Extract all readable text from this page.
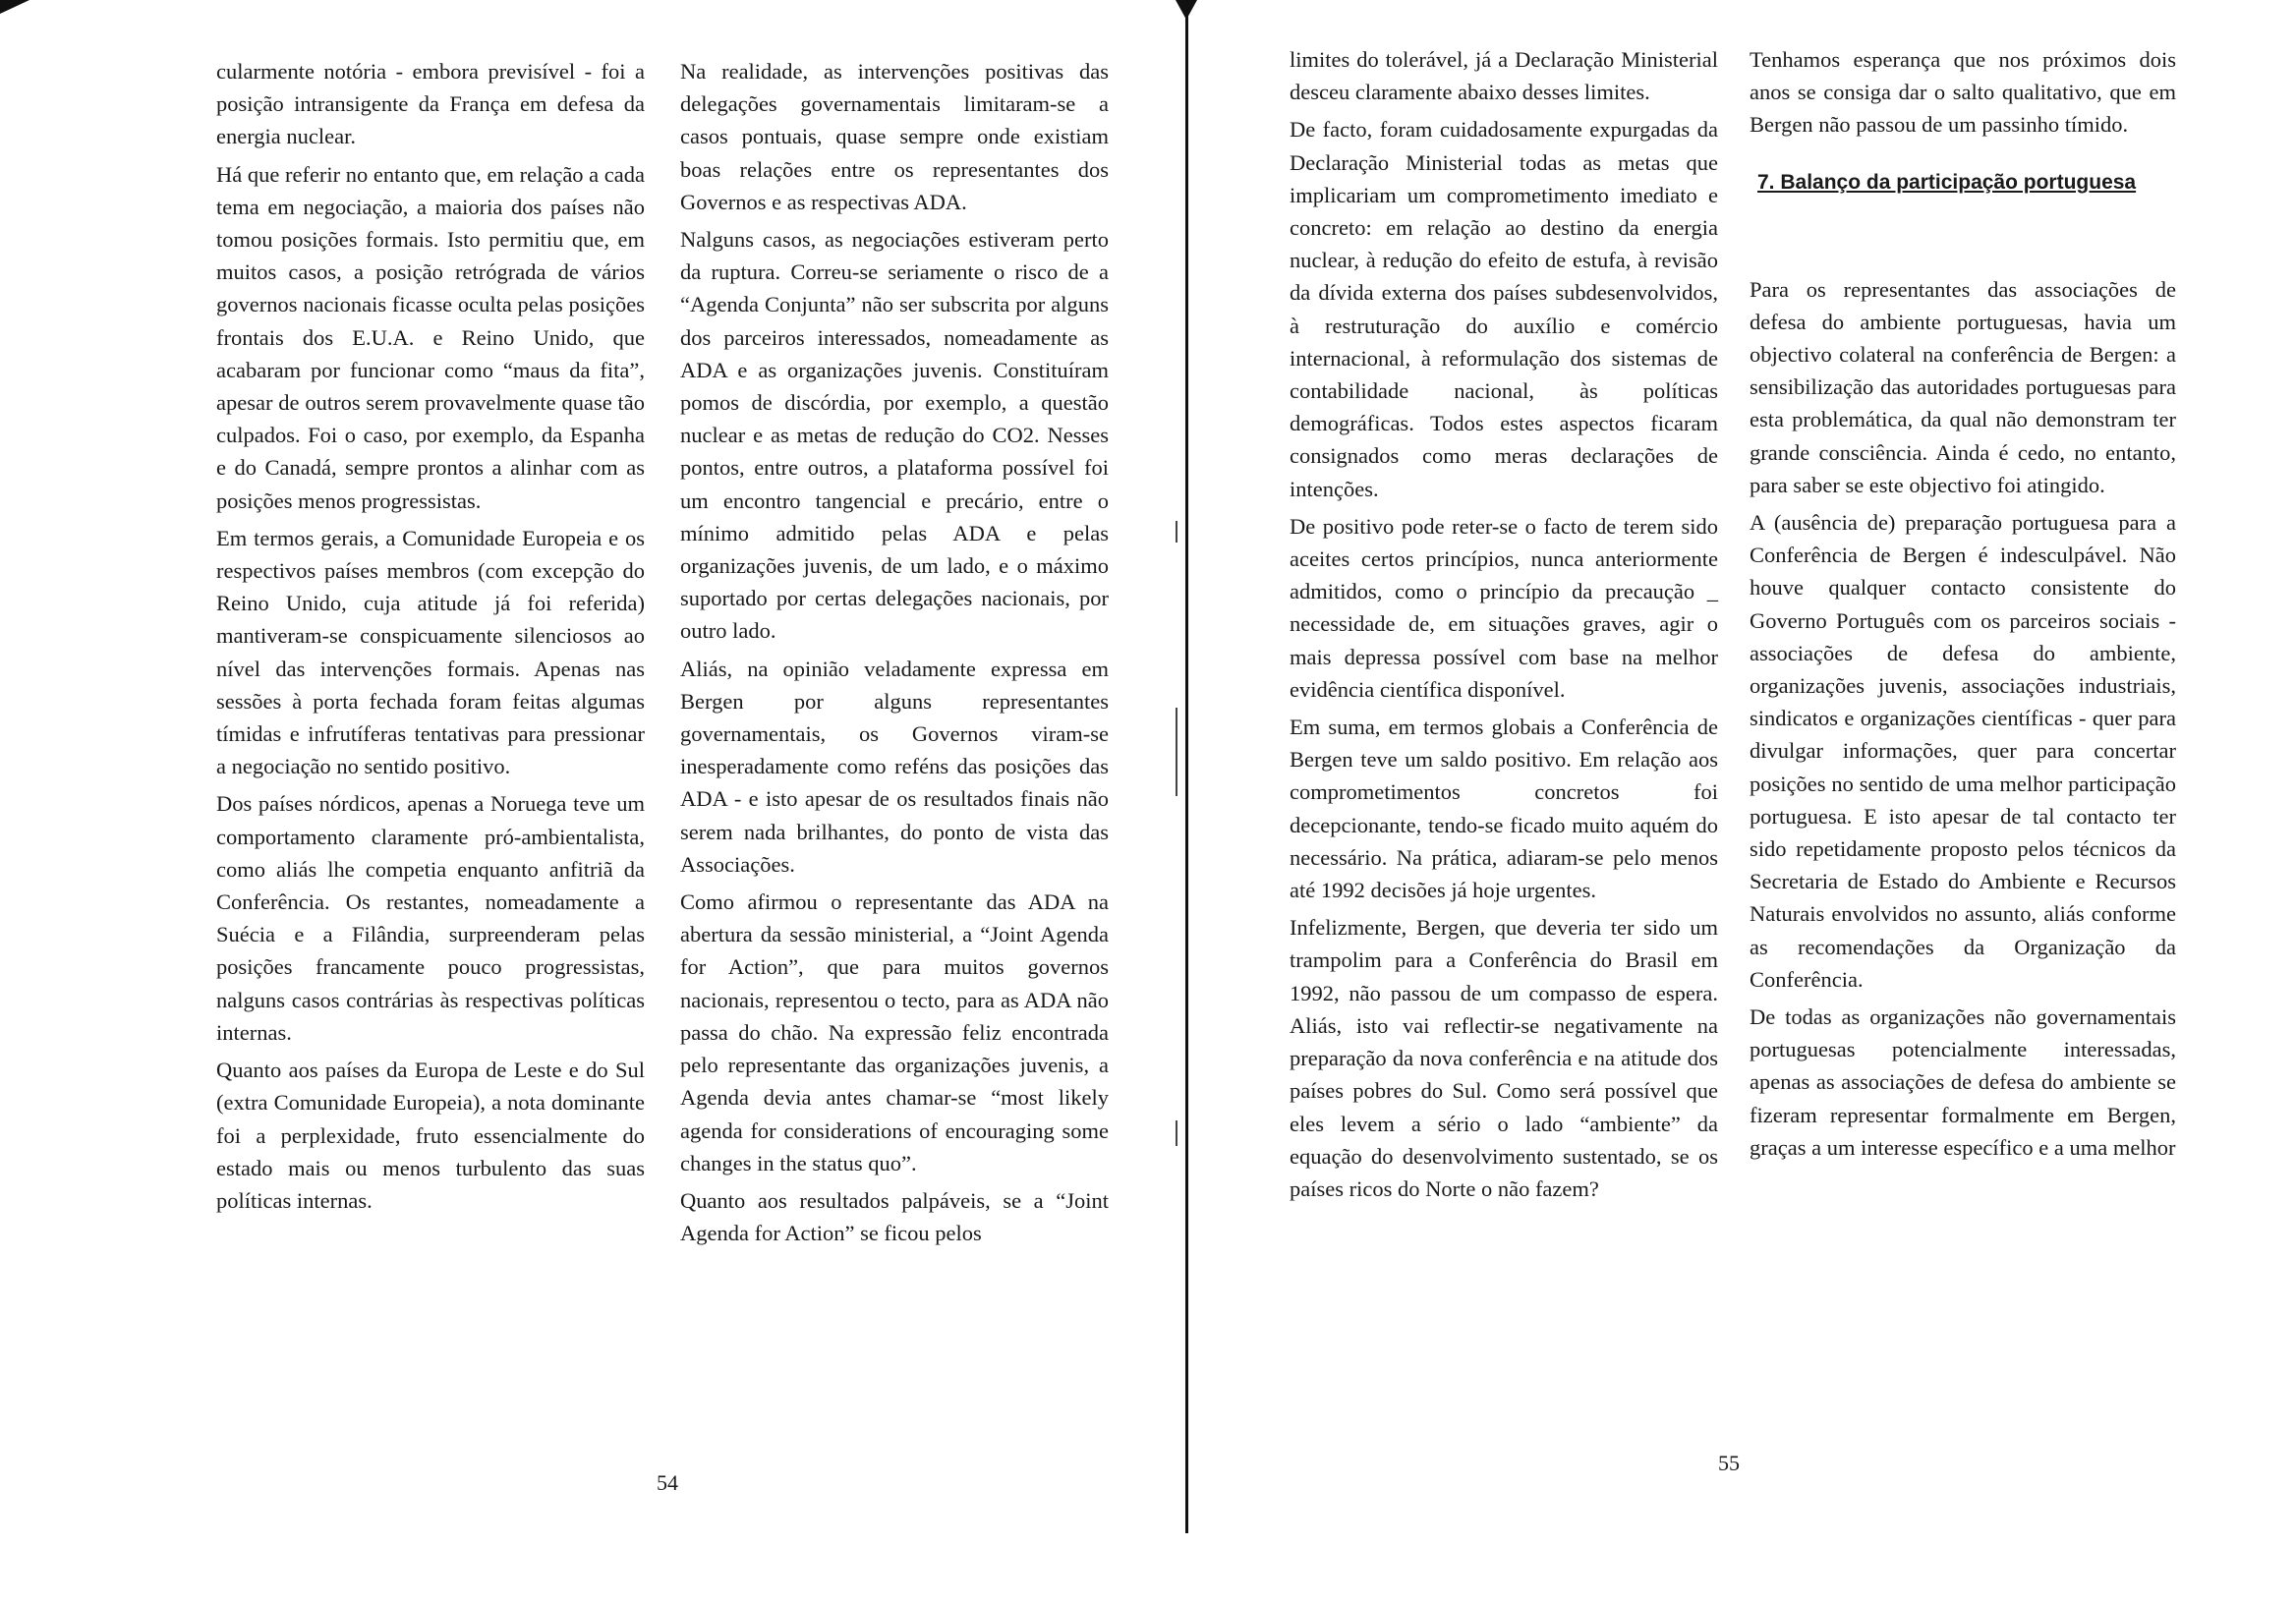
cularmente notória - embora previsível - foi a posição intransigente da França em defesa da energia nuclear.

Há que referir no entanto que, em relação a cada tema em negociação, a maioria dos países não tomou posições formais. Isto permitiu que, em muitos casos, a posição retrógrada de vários governos nacionais ficasse oculta pelas posições frontais dos E.U.A. e Reino Unido, que acabaram por funcionar como “maus da fita”, apesar de outros serem provavelmente quase tão culpados. Foi o caso, por exemplo, da Espanha e do Canadá, sempre prontos a alinhar com as posições menos progressistas.

Em termos gerais, a Comunidade Europeia e os respectivos países membros (com excepção do Reino Unido, cuja atitude já foi referida) mantiveram-se conspicuamente silenciosos ao nível das intervenções formais. Apenas nas sessões à porta fechada foram feitas algumas tímidas e infrutíferas tentativas para pressionar a negociação no sentido positivo.

Dos países nórdicos, apenas a Noruega teve um comportamento claramente pró-ambientalista, como aliás lhe competia enquanto anfitriã da Conferência. Os restantes, nomeadamente a Suécia e a Filândia, surpreenderam pelas posições francamente pouco progressistas, nalguns casos contrárias às respectivas políticas internas.

Quanto aos países da Europa de Leste e do Sul (extra Comunidade Europeia), a nota dominante foi a perplexidade, fruto essencialmente do estado mais ou menos turbulento das suas políticas internas.

Na realidade, as intervenções positivas das delegações governamentais limitaram-se a casos pontuais, quase sempre onde existiam boas relações entre os representantes dos Governos e as respectivas ADA.

Nalguns casos, as negociações estiveram perto da ruptura. Correu-se seriamente o risco de a “Agenda Conjunta” não ser subscrita por alguns dos parceiros interessados, nomeadamente as ADA e as organizações juvenis. Constituíram pomos de discórdia, por exemplo, a questão nuclear e as metas de redução do CO2. Nesses pontos, entre outros, a plataforma possível foi um encontro tangencial e precário, entre o mínimo admitido pelas ADA e pelas organizações juvenis, de um lado, e o máximo suportado por certas delegações nacionais, por outro lado.

Aliás, na opinião veladamente expressa em Bergen por alguns representantes governamentais, os Governos viram-se inesperadamente como reféns das posições das ADA - e isto apesar de os resultados finais não serem nada brilhantes, do ponto de vista das Associações.

Como afirmou o representante das ADA na abertura da sessão ministerial, a “Joint Agenda for Action”, que para muitos governos nacionais, representou o tecto, para as ADA não passa do chão. Na expressão feliz encontrada pelo representante das organizações juvenis, a Agenda devia antes chamar-se “most likely agenda for considerations of encouraging some changes in the status quo”.

Quanto aos resultados palpáveis, se a “Joint Agenda for Action” se ficou pelos

54

limites do tolerável, já a Declaração Ministerial desceu claramente abaixo desses limites.

De facto, foram cuidadosamente expurgadas da Declaração Ministerial todas as metas que implicariam um comprometimento imediato e concreto: em relação ao destino da energia nuclear, à redução do efeito de estufa, à revisão da dívida externa dos países subdesenvolvidos, à restruturação do auxílio e comércio internacional, à reformulação dos sistemas de contabilidade nacional, às políticas demográficas. Todos estes aspectos ficaram consignados como meras declarações de intenções.

De positivo pode reter-se o facto de terem sido aceites certos princípios, nunca anteriormente admitidos, como o princípio da precaução _ necessidade de, em situações graves, agir o mais depressa possível com base na melhor evidência científica disponível.

Em suma, em termos globais a Conferência de Bergen teve um saldo positivo. Em relação aos comprometimentos concretos foi decepcionante, tendo-se ficado muito aquém do necessário. Na prática, adiaram-se pelo menos até 1992 decisões já hoje urgentes.

Infelizmente, Bergen, que deveria ter sido um trampolim para a Conferência do Brasil em 1992, não passou de um compasso de espera. Aliás, isto vai reflectir-se negativamente na preparação da nova conferência e na atitude dos países pobres do Sul. Como será possível que eles levem a sério o lado “ambiente” da equação do desenvolvimento sustentado, se os países ricos do Norte o não fazem?

Tenhamos esperança que nos próximos dois anos se consiga dar o salto qualitativo, que em Bergen não passou de um passinho tímido.

7. Balanço da participação portuguesa

Para os representantes das associações de defesa do ambiente portuguesas, havia um objectivo colateral na conferência de Bergen: a sensibilização das autoridades portuguesas para esta problemática, da qual não demonstram ter grande consciência. Ainda é cedo, no entanto, para saber se este objectivo foi atingido.

A (ausência de) preparação portuguesa para a Conferência de Bergen é indesculpável. Não houve qualquer contacto consistente do Governo Português com os parceiros sociais - associações de defesa do ambiente, organizações juvenis, associações industriais, sindicatos e organizações científicas - quer para divulgar informações, quer para concertar posições no sentido de uma melhor participação portuguesa. E isto apesar de tal contacto ter sido repetidamente proposto pelos técnicos da Secretaria de Estado do Ambiente e Recursos Naturais envolvidos no assunto, aliás conforme as recomendações da Organização da Conferência.

De todas as organizações não governamentais portuguesas potencialmente interessadas, apenas as associações de defesa do ambiente se fizeram representar formalmente em Bergen, graças a um interesse específico e a uma melhor

55
